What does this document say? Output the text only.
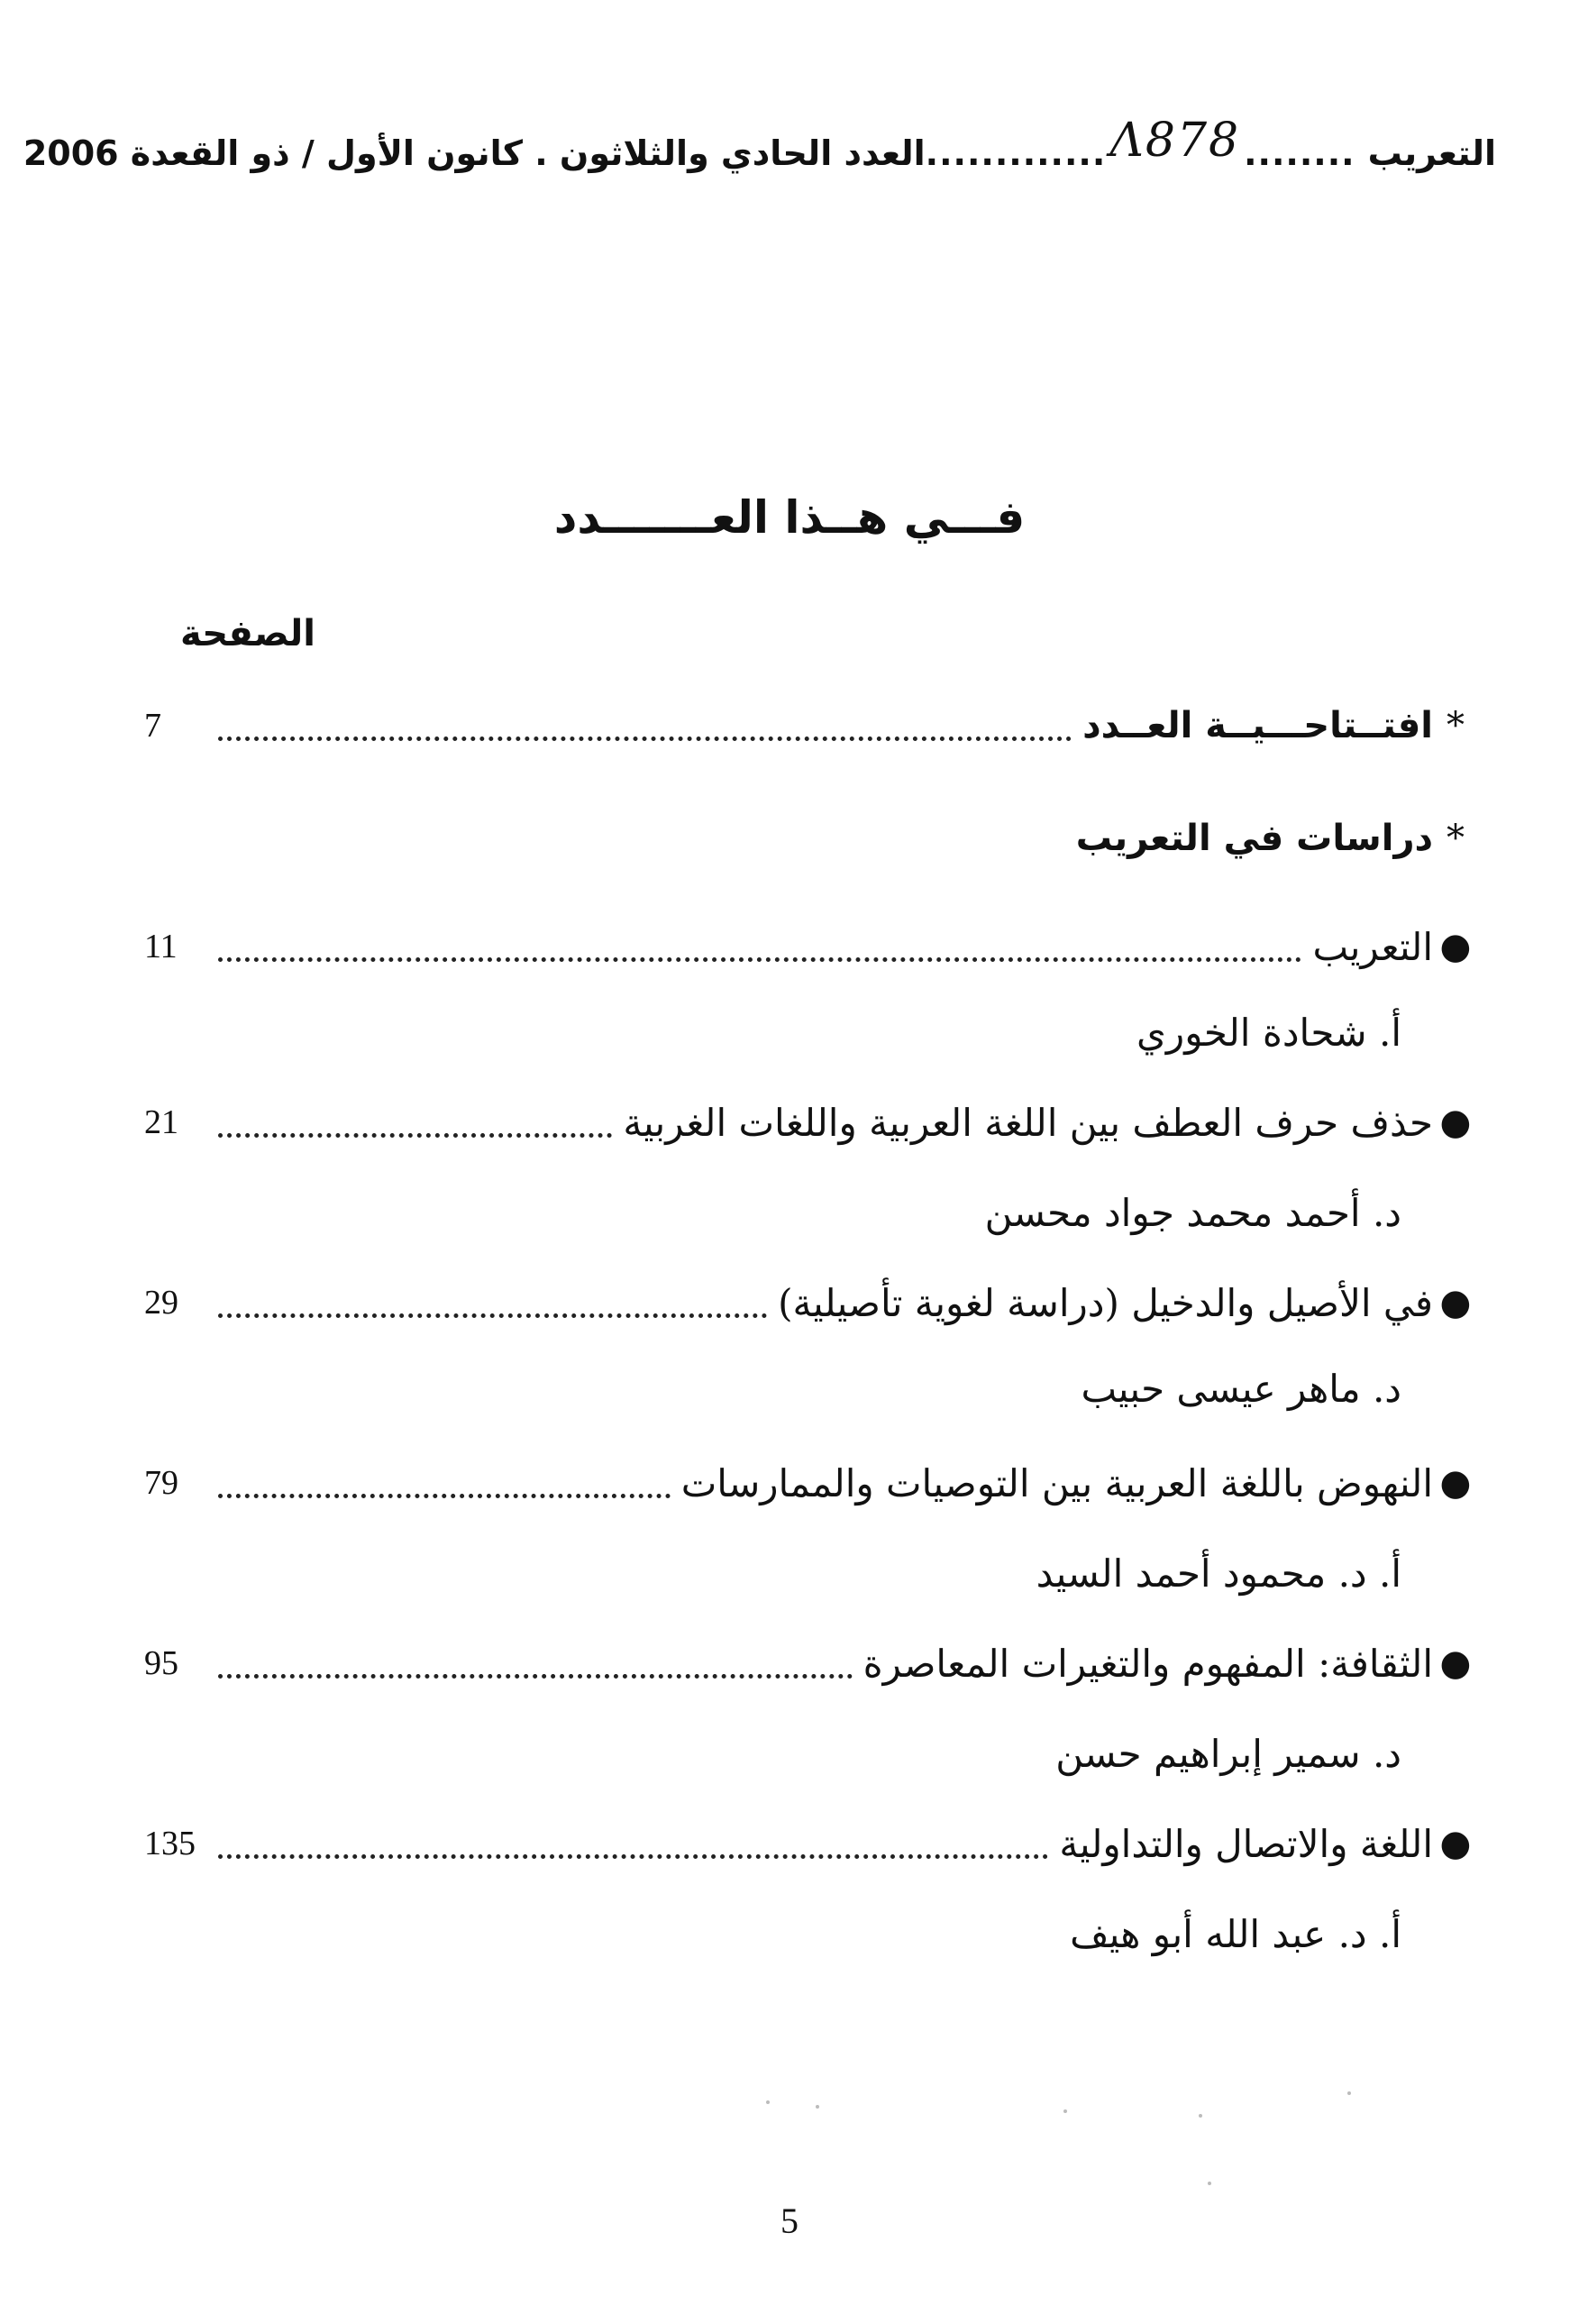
التعريب
........
Λ878
.............
العدد الحادي والثلاثون . كانون الأول / ذو القعدة 2006
فـــي هــذا العـــــــدد
الصفحة
*
افتــتاحـــيــة العــدد
7
*
دراسات في التعريب
●
التعريب
11
أ. شحادة الخوري
●
حذف حرف العطف بين اللغة العربية واللغات الغربية
21
د. أحمد محمد جواد محسن
●
في الأصيل والدخيل (دراسة لغوية تأصيلية)
29
د. ماهر عيسى حبيب
●
النهوض باللغة العربية بين التوصيات والممارسات
79
أ. د. محمود أحمد السيد
●
الثقافة: المفهوم والتغيرات المعاصرة
95
د. سمير إبراهيم حسن
●
اللغة والاتصال والتداولية
135
أ. د. عبد الله أبو هيف
5
